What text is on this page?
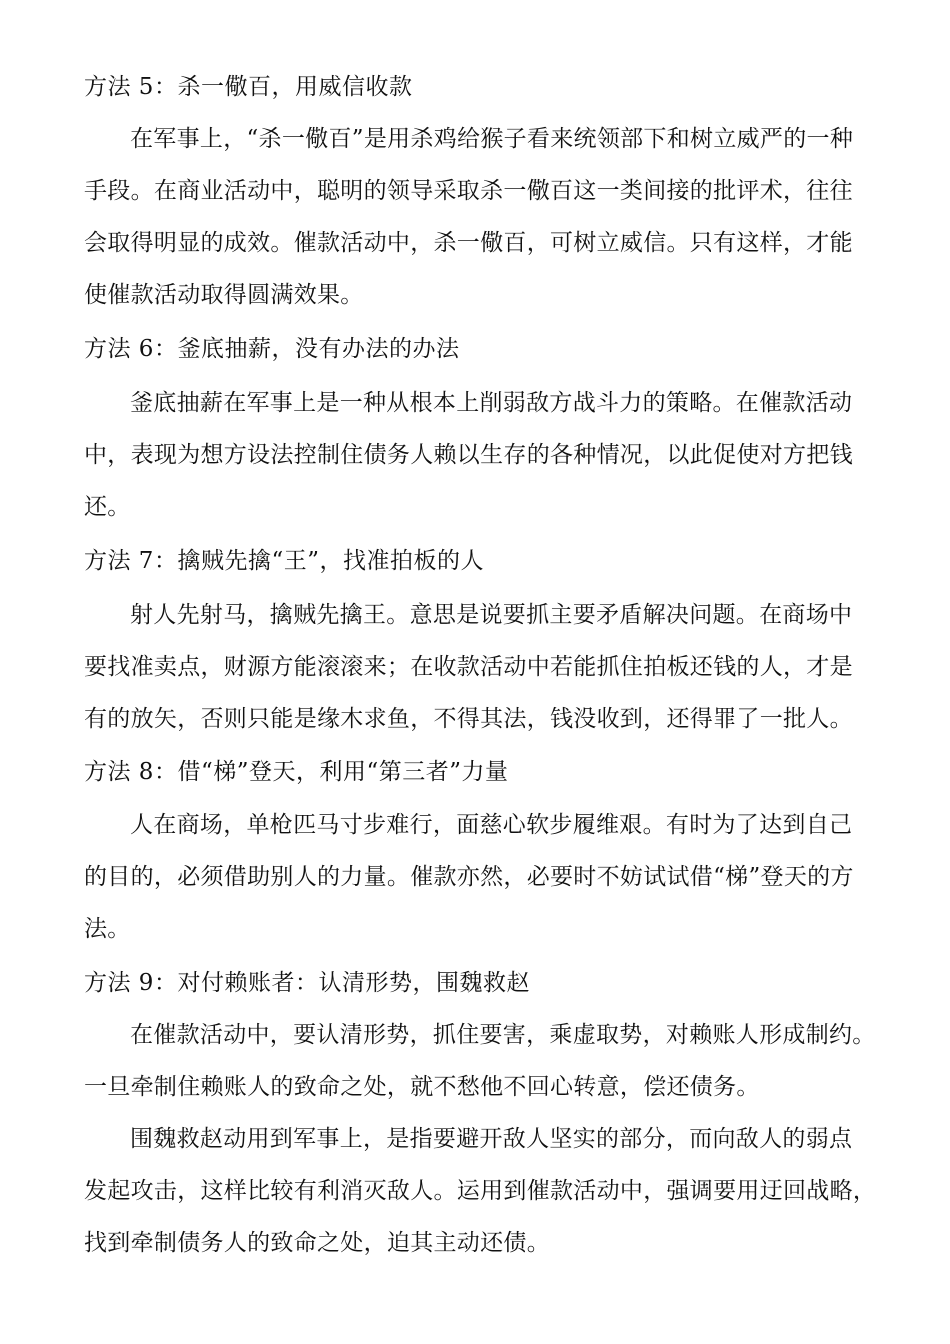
方法 5：杀一儆百，用威信收款
在军事上，“杀一儆百”是用杀鸡给猴子看来统领部下和树立威严的一种
手段。在商业活动中，聪明的领导采取杀一儆百这一类间接的批评术，往往
会取得明显的成效。催款活动中，杀一儆百，可树立威信。只有这样，才能
使催款活动取得圆满效果。
方法 6：釜底抽薪，没有办法的办法
釜底抽薪在军事上是一种从根本上削弱敌方战斗力的策略。在催款活动
中，表现为想方设法控制住债务人赖以生存的各种情况，以此促使对方把钱
还。
方法 7：擒贼先擒“王”，找准拍板的人
射人先射马，擒贼先擒王。意思是说要抓主要矛盾解决问题。在商场中
要找准卖点，财源方能滚滚来；在收款活动中若能抓住拍板还钱的人，才是
有的放矢，否则只能是缘木求鱼，不得其法，钱没收到，还得罪了一批人。
方法 8：借“梯”登天，利用“第三者”力量
人在商场，单枪匹马寸步难行，面慈心软步履维艰。有时为了达到自己
的目的，必须借助别人的力量。催款亦然，必要时不妨试试借“梯”登天的方
法。
方法 9：对付赖账者：认清形势，围魏救赵
在催款活动中，要认清形势，抓住要害，乘虚取势，对赖账人形成制约。
一旦牵制住赖账人的致命之处，就不愁他不回心转意，偿还债务。
围魏救赵动用到军事上，是指要避开敌人坚实的部分，而向敌人的弱点
发起攻击，这样比较有利消灭敌人。运用到催款活动中，强调要用迂回战略，
找到牵制债务人的致命之处，迫其主动还债。
